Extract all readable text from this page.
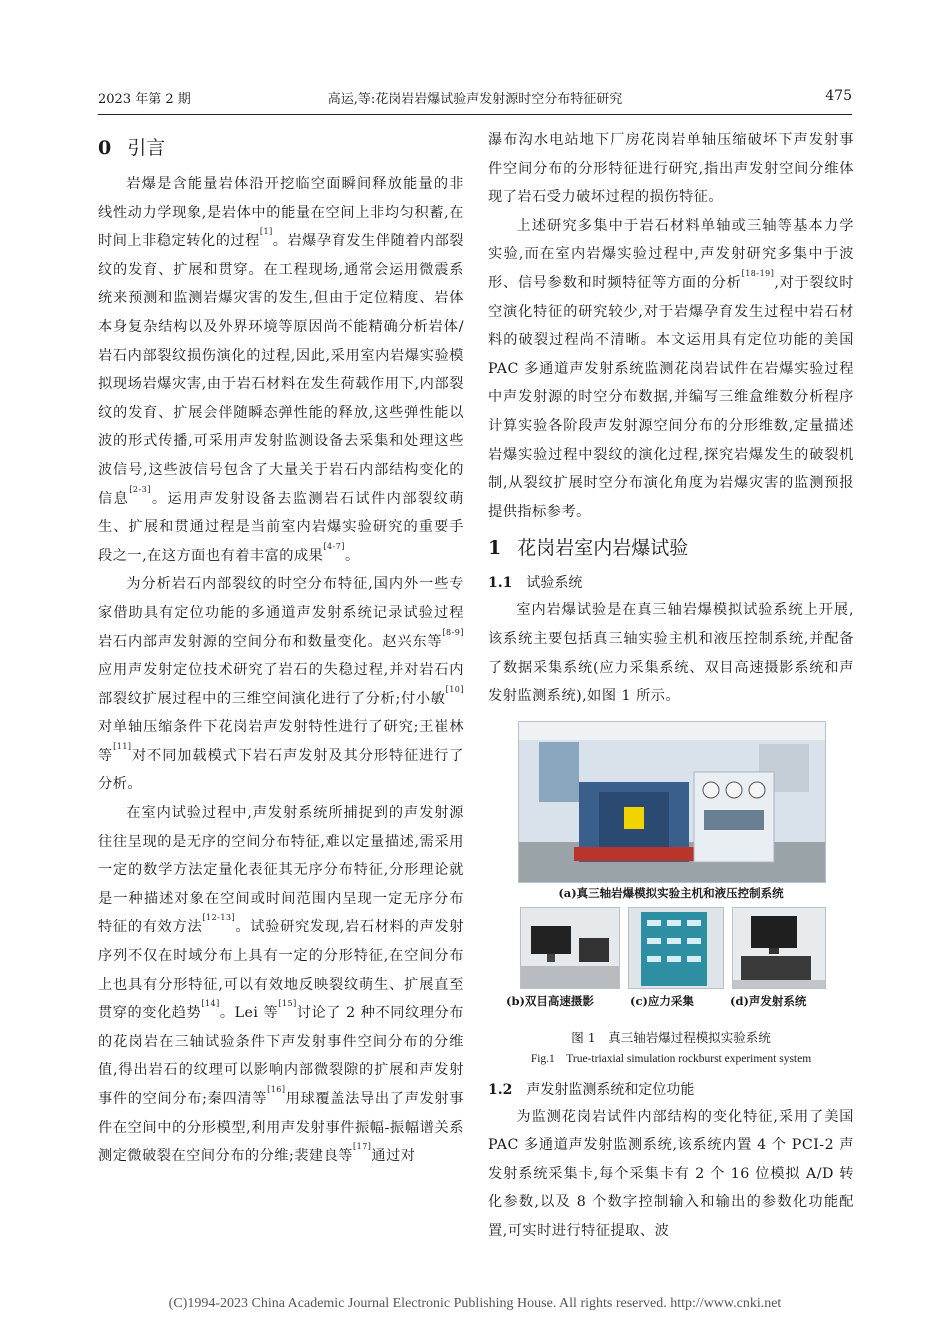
2023 年第 2 期	高运,等:花岗岩岩爆试验声发射源时空分布特征研究	475
0 引言

岩爆是含能量岩体沿开挖临空面瞬间释放能量的非线性动力学现象,是岩体中的能量在空间上非均匀积蓄,在时间上非稳定转化的过程[1]。岩爆孕育发生伴随着内部裂纹的发育、扩展和贯穿。在工程现场,通常会运用微震系统来预测和监测岩爆灾害的发生,但由于定位精度、岩体本身复杂结构以及外界环境等原因尚不能精确分析岩体/岩石内部裂纹损伤演化的过程,因此,采用室内岩爆实验模拟现场岩爆灾害,由于岩石材料在发生荷载作用下,内部裂纹的发育、扩展会伴随瞬态弹性能的释放,这些弹性能以波的形式传播,可采用声发射监测设备去采集和处理这些波信号,这些波信号包含了大量关于岩石内部结构变化的信息[2-3]。运用声发射设备去监测岩石试件内部裂纹萌生、扩展和贯通过程是当前室内岩爆实验研究的重要手段之一,在这方面也有着丰富的成果[4-7]。

为分析岩石内部裂纹的时空分布特征,国内外一些专家借助具有定位功能的多通道声发射系统记录试验过程岩石内部声发射源的空间分布和数量变化。赵兴东等[8-9]应用声发射定位技术研究了岩石的失稳过程,并对岩石内部裂纹扩展过程中的三维空间演化进行了分析;付小敏[10]对单轴压缩条件下花岗岩声发射特性进行了研究;王崔林等[11]对不同加载模式下岩石声发射及其分形特征进行了分析。

在室内试验过程中,声发射系统所捕捉到的声发射源往往呈现的是无序的空间分布特征,难以定量描述,需采用一定的数学方法定量化表征其无序分布特征,分形理论就是一种描述对象在空间或时间范围内呈现一定无序分布特征的有效方法[12-13]。试验研究发现,岩石材料的声发射序列不仅在时域分布上具有一定的分形特征,在空间分布上也具有分形特征,可以有效地反映裂纹萌生、扩展直至贯穿的变化趋势[14]。Lei 等[15]讨论了 2 种不同纹理分布的花岗岩在三轴试验条件下声发射事件空间分布的分维值,得出岩石的纹理可以影响内部微裂隙的扩展和声发射事件的空间分布;秦四清等[16]用球覆盖法导出了声发射事件在空间中的分形模型,利用声发射事件振幅-振幅谱关系测定微破裂在空间分布的分维;裴建良等[17]通过对

瀑布沟水电站地下厂房花岗岩单轴压缩破坏下声发射事件空间分布的分形特征进行研究,指出声发射空间分维体现了岩石受力破坏过程的损伤特征。

上述研究多集中于岩石材料单轴或三轴等基本力学实验,而在室内岩爆实验过程中,声发射研究多集中于波形、信号参数和时频特征等方面的分析[18-19],对于裂纹时空演化特征的研究较少,对于岩爆孕育发生过程中岩石材料的破裂过程尚不清晰。本文运用具有定位功能的美国 PAC 多通道声发射系统监测花岗岩试件在岩爆实验过程中声发射源的时空分布数据,并编写三维盒维数分析程序计算实验各阶段声发射源空间分布的分形维数,定量描述岩爆实验过程中裂纹的演化过程,探究岩爆发生的破裂机制,从裂纹扩展时空分布演化角度为岩爆灾害的监测预报提供指标参考。

1 花岗岩室内岩爆试验
1.1 试验系统

室内岩爆试验是在真三轴岩爆模拟试验系统上开展,该系统主要包括真三轴实验主机和液压控制系统,并配备了数据采集系统(应力采集系统、双目高速摄影系统和声发射监测系统),如图 1 所示。

(a)真三轴岩爆模拟实验主机和液压控制系统
(b)双目高速摄影	(c)应力采集	(d)声发射系统
图 1　真三轴岩爆过程模拟实验系统
Fig.1　True-triaxial simulation rockburst experiment system
1.2 声发射监测系统和定位功能

为监测花岗岩试件内部结构的变化特征,采用了美国 PAC 多通道声发射监测系统,该系统内置 4 个 PCI-2 声发射系统采集卡,每个采集卡有 2 个 16 位模拟 A/D 转化参数,以及 8 个数字控制输入和输出的参数化功能配置,可实时进行特征提取、波

(C)1994-2023 China Academic Journal Electronic Publishing House. All rights reserved. http://www.cnki.net
